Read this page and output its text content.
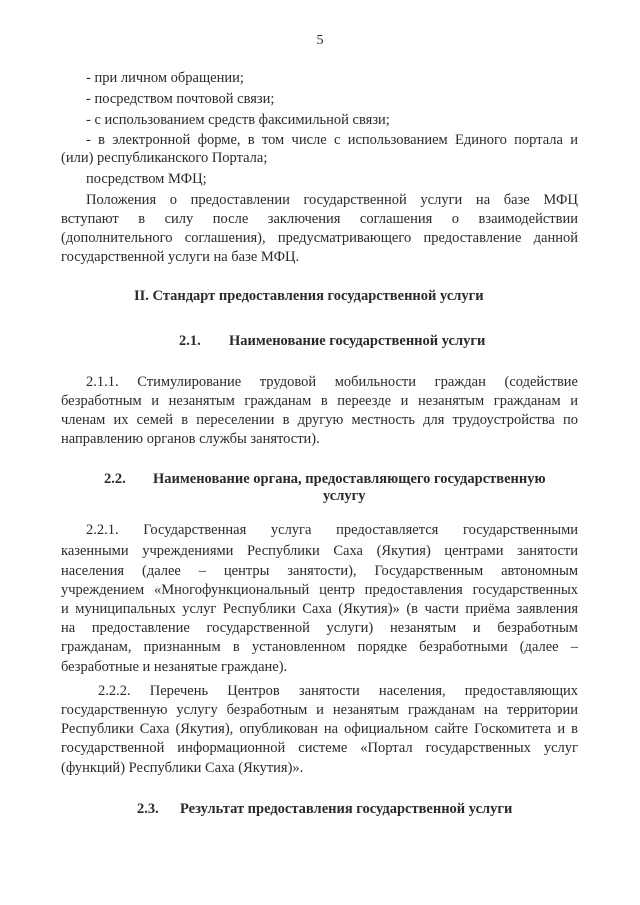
5
- при личном обращении;
- посредством почтовой связи;
- с использованием средств факсимильной связи;
- в электронной форме, в том числе с использованием Единого портала и
(или) республиканского Портала;
посредством МФЦ;
Положения о предоставлении государственной услуги на базе МФЦ
вступают в силу после заключения соглашения о взаимодействии
(дополнительного соглашения), предусматривающего предоставление данной
государственной услуги на базе МФЦ.
II. Стандарт предоставления государственной услуги
2.1. Наименование государственной услуги
2.1.1. Стимулирование трудовой мобильности граждан (содействие
безработным и незанятым гражданам в переезде и незанятым гражданам и
членам их семей в переселении в другую местность для трудоустройства по
направлению органов службы занятости).
2.2. Наименование органа, предоставляющего государственную
услугу
2.2.1. Государственная услуга предоставляется государственными
казенными учреждениями Республики Саха (Якутия) центрами занятости
населения (далее – центры занятости), Государственным автономным
учреждением «Многофункциональный центр предоставления государственных
и муниципальных услуг Республики Саха (Якутия)» (в части приёма заявления
на предоставление государственной услуги) незанятым и безработным
гражданам, признанным в установленном порядке безработными (далее –
безработные и незанятые граждане).
2.2.2. Перечень Центров занятости населения, предоставляющих
государственную услугу безработным и незанятым гражданам на территории
Республики Саха (Якутия), опубликован на официальном сайте Госкомитета и в
государственной информационной системе «Портал государственных услуг
(функций) Республики Саха (Якутия)».
2.3. Результат предоставления государственной услуги
